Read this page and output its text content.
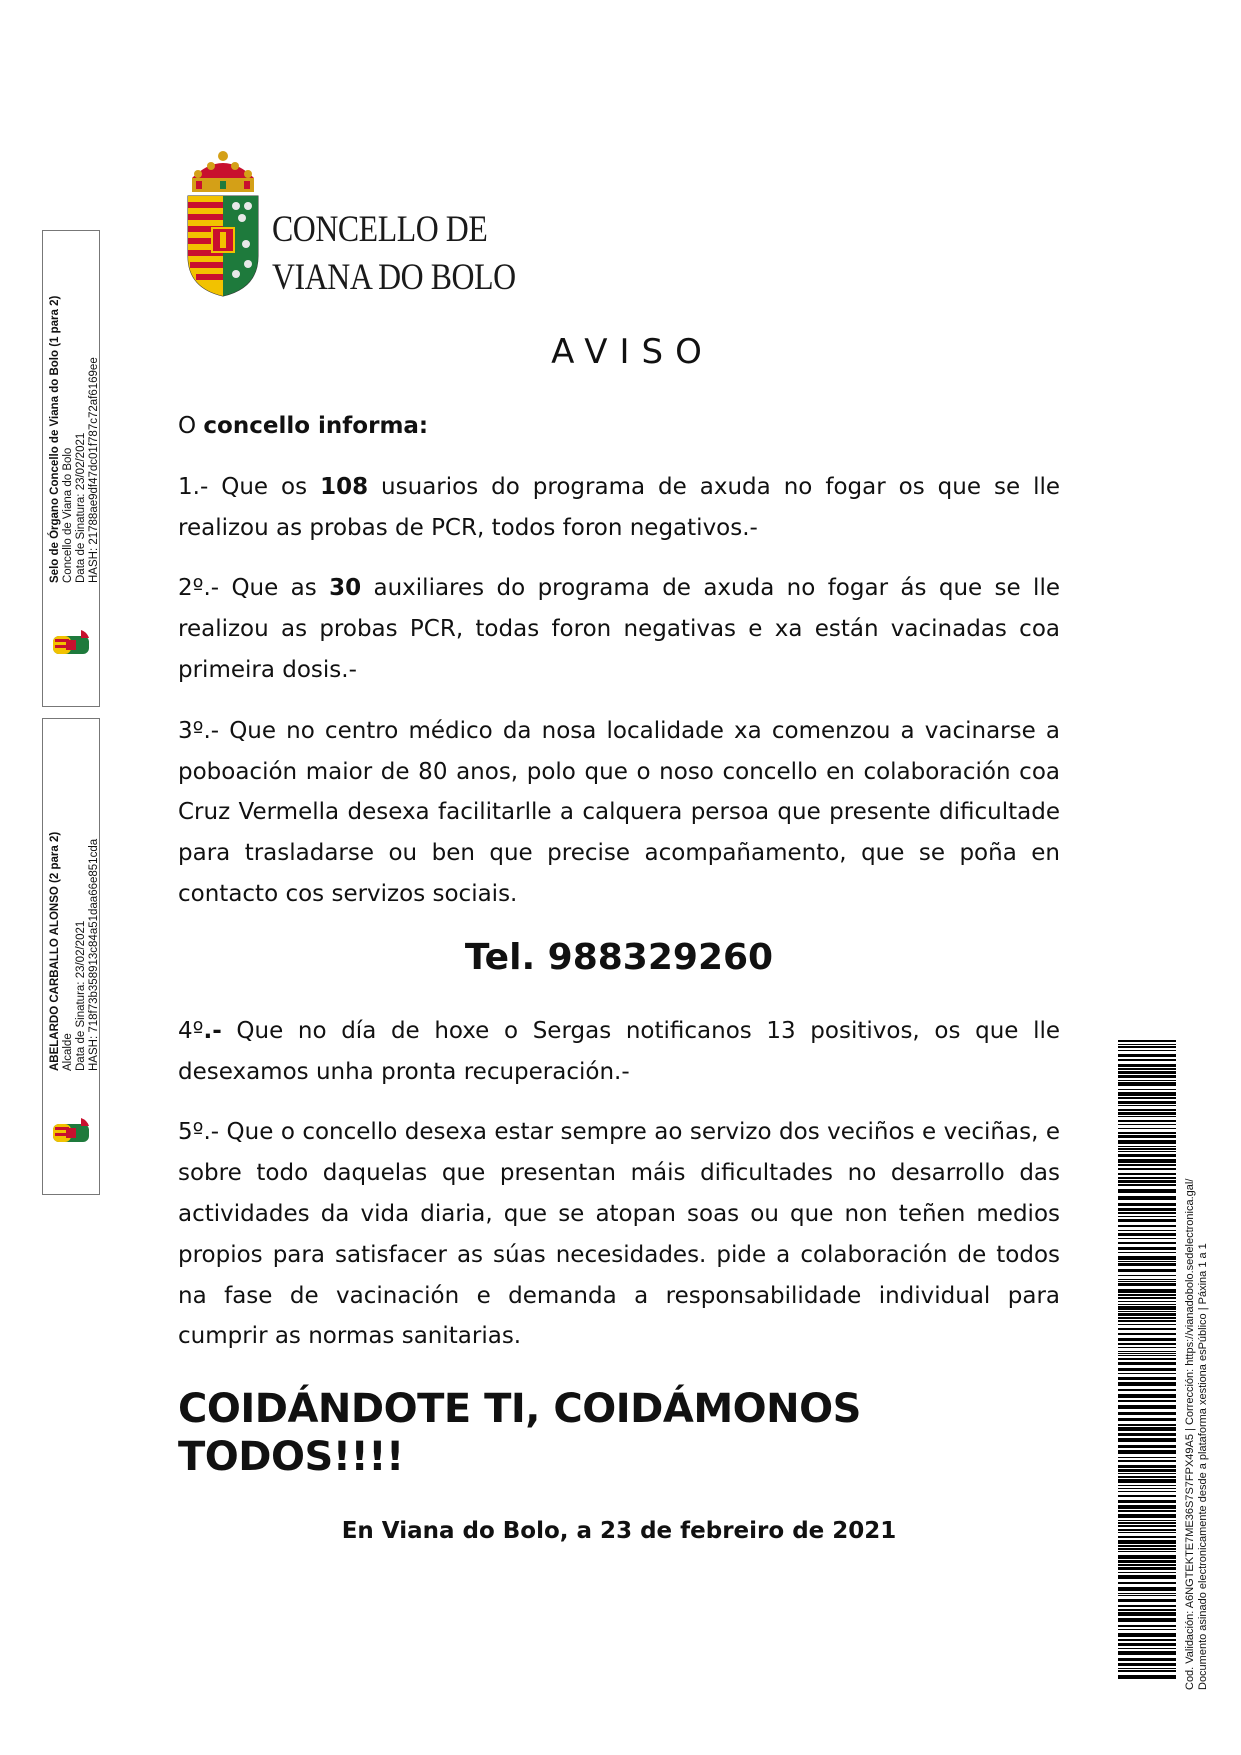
CONCELLO DE
VIANA DO BOLO
AVISO

O concello informa:

1.- Que os 108 usuarios do programa de axuda no fogar os que se lle realizou as probas de PCR, todos foron negativos.-

2º.- Que as 30 auxiliares do programa de axuda no fogar ás que se lle realizou as probas PCR, todas foron negativas e xa están vacinadas coa primeira dosis.-

3º.- Que no centro médico da nosa localidade xa comenzou a vacinarse a poboación maior de 80 anos, polo que o noso concello en colaboración coa Cruz Vermella desexa facilitarlle a calquera persoa que presente dificultade para trasladarse ou ben que precise acompañamento, que se poña en contacto cos servizos sociais.

Tel. 988329260

4º.- Que no día de hoxe o Sergas notificanos 13 positivos, os que lle desexamos unha pronta recuperación.-

5º.- Que o concello desexa estar sempre ao servizo dos veciños e veciñas, e sobre todo daquelas que presentan máis dificultades no desarrollo das actividades da vida diaria, que se atopan soas ou que non teñen medios propios para satisfacer as súas necesidades. pide a colaboración de todos na fase de vacinación e demanda a responsabilidade individual para cumprir as normas sanitarias.

COIDÁNDOTE TI, COIDÁMONOS TODOS!!!!
En Viana do Bolo, a 23 de febreiro de 2021
Selo de Órgano Concello de Viana do Bolo (1 para 2) Concello de Viana do Bolo Data de Sinatura: 23/02/2021 HASH: 21788ae9df47dc01f787c72af6169ee
ABELARDO CARBALLO ALONSO (2 para 2) Alcalde Data de Sinatura: 23/02/2021 HASH: 718f73b358913c84a51daa66e851cda
Cod. Validación: A6NGTEKTE7ME36S7S7FPX49A5 | Corrección: https://vianadobolo.sedelectronica.gal/ Documento asinado electronicamente desde a plataforma xestiona esPúblico | Páxina 1 a 1
